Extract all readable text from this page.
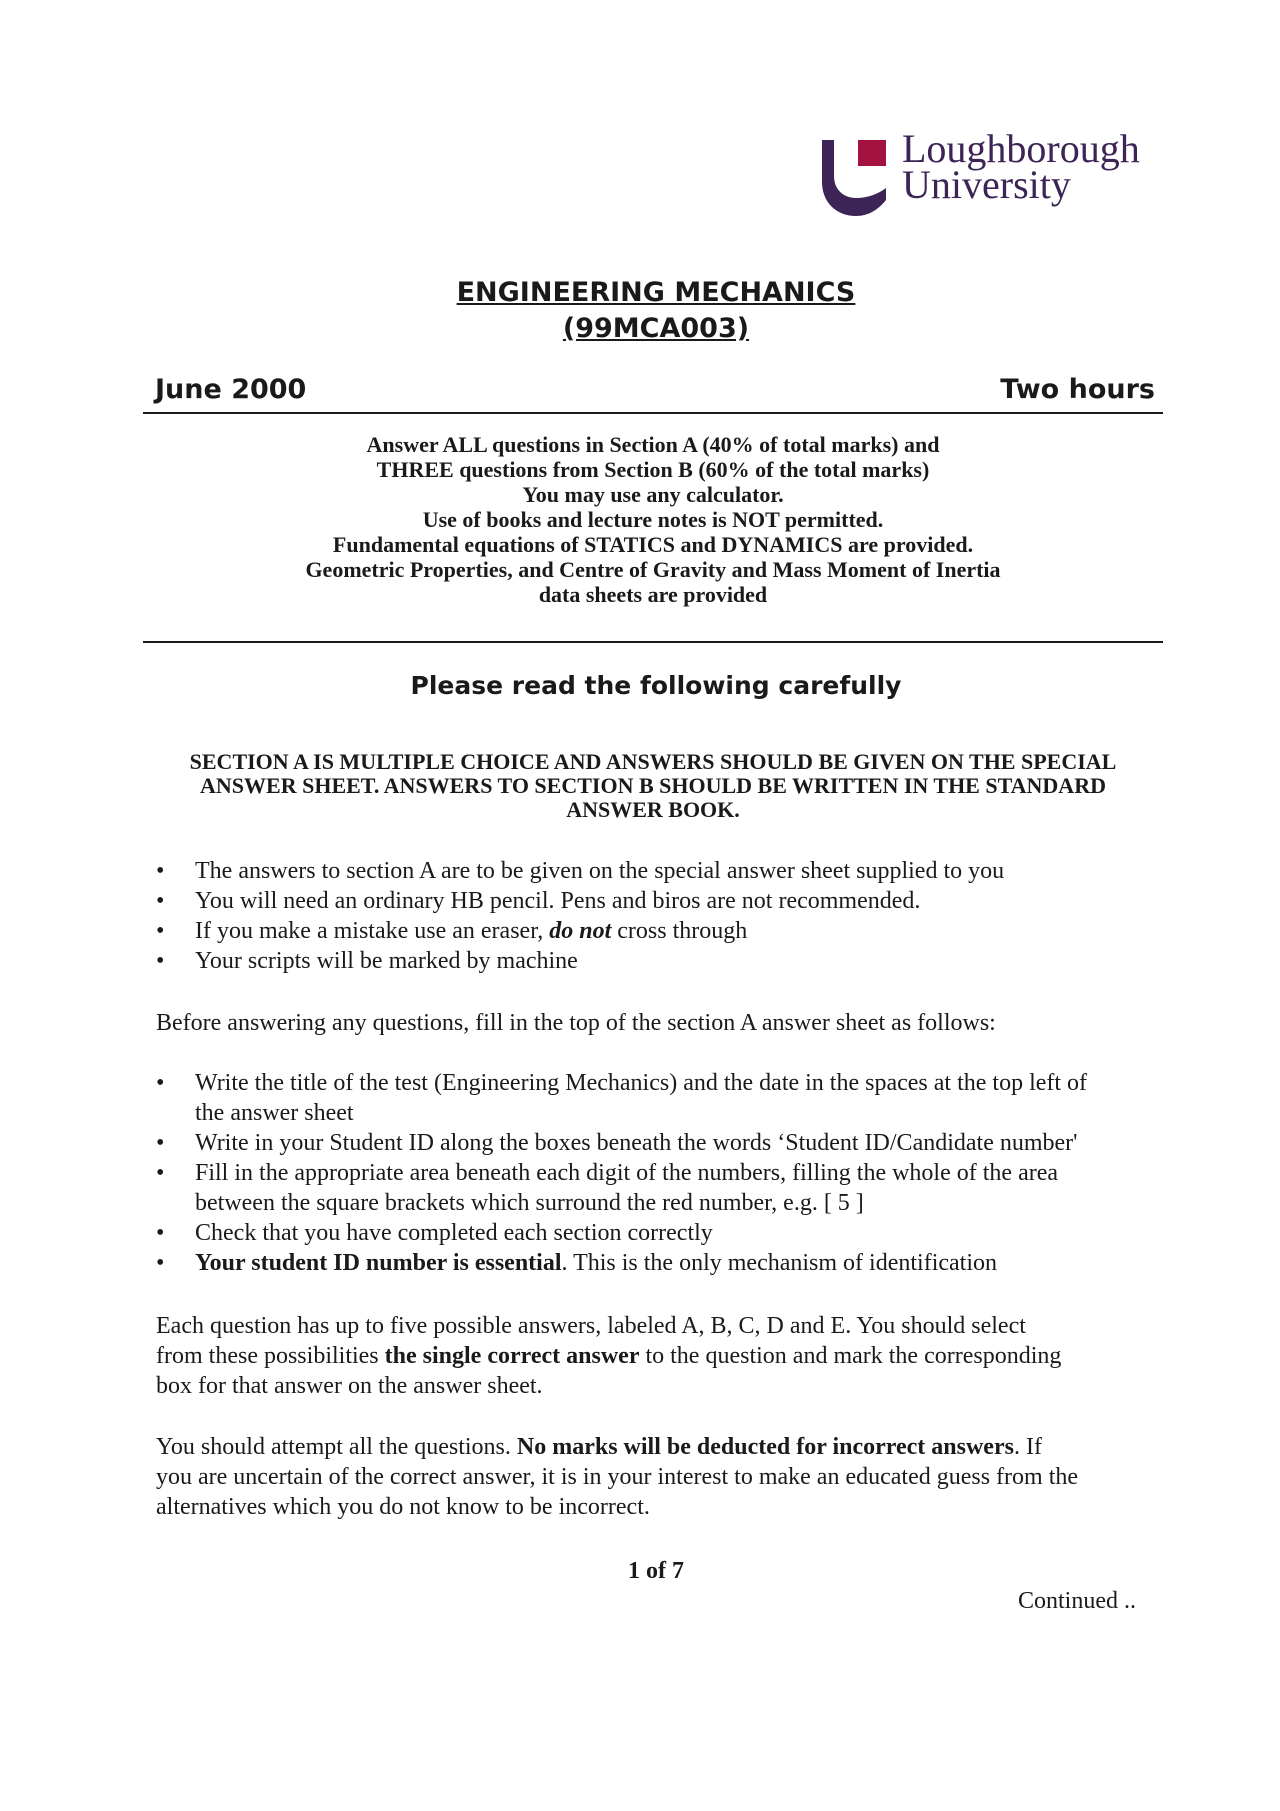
Loughborough
University
ENGINEERING MECHANICS
(99MCA003)
June 2000	Two hours
Answer ALL questions in Section A (40% of total marks) and
THREE questions from Section B (60% of the total marks)
You may use any calculator.
Use of books and lecture notes is NOT permitted.
Fundamental equations of STATICS and DYNAMICS are provided.
Geometric Properties, and Centre of Gravity and Mass Moment of Inertia
data sheets are provided
Please read the following carefully
SECTION A IS MULTIPLE CHOICE AND ANSWERS SHOULD BE GIVEN ON THE SPECIAL
ANSWER SHEET. ANSWERS TO SECTION B SHOULD BE WRITTEN IN THE STANDARD
ANSWER BOOK.
• The answers to section A are to be given on the special answer sheet supplied to you
• You will need an ordinary HB pencil. Pens and biros are not recommended.
• If you make a mistake use an eraser, do not cross through
• Your scripts will be marked by machine
Before answering any questions, fill in the top of the section A answer sheet as follows:
• Write the title of the test (Engineering Mechanics) and the date in the spaces at the top left of
the answer sheet
• Write in your Student ID along the boxes beneath the words ‘Student ID/Candidate number'
• Fill in the appropriate area beneath each digit of the numbers, filling the whole of the area
between the square brackets which surround the red number, e.g. [ 5 ]
• Check that you have completed each section correctly
• Your student ID number is essential. This is the only mechanism of identification
Each question has up to five possible answers, labeled A, B, C, D and E. You should select
from these possibilities the single correct answer to the question and mark the corresponding
box for that answer on the answer sheet.
You should attempt all the questions. No marks will be deducted for incorrect answers. If
you are uncertain of the correct answer, it is in your interest to make an educated guess from the
alternatives which you do not know to be incorrect.
1 of 7
Continued ..
